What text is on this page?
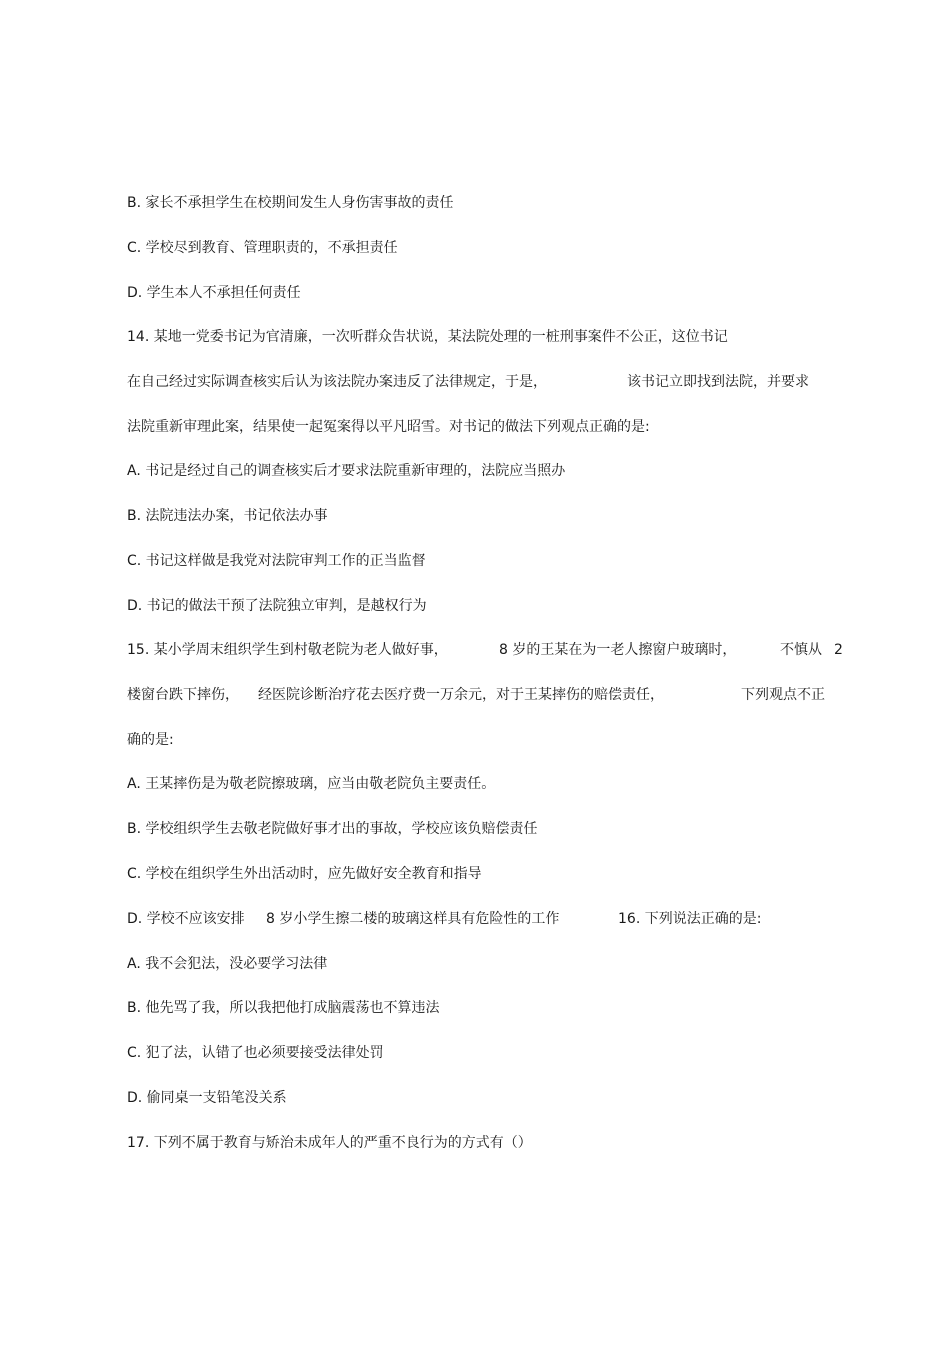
B. 家长不承担学生在校期间发生人身伤害事故的责任
C. 学校尽到教育、管理职责的，不承担责任
D. 学生本人不承担任何责任
14. 某地一党委书记为官清廉，一次听群众告状说，某法院处理的一桩刑事案件不公正，这位书记
在自己经过实际调查核实后认为该法院办案违反了法律规定，于是，	该书记立即找到法院，并要求
法院重新审理此案，结果使一起冤案得以平凡昭雪。对书记的做法下列观点正确的是:
A. 书记是经过自己的调查核实后才要求法院重新审理的，法院应当照办
B. 法院违法办案，书记依法办事
C. 书记这样做是我党对法院审判工作的正当监督
D. 书记的做法干预了法院独立审判，是越权行为
15. 某小学周末组织学生到村敬老院为老人做好事，	8 岁的王某在为一老人擦窗户玻璃时，	不慎从 2
楼窗台跌下摔伤， 经医院诊断治疗花去医疗费一万余元，对于王某摔伤的赔偿责任，	下列观点不正
确的是:
A. 王某摔伤是为敬老院擦玻璃，应当由敬老院负主要责任。
B. 学校组织学生去敬老院做好事才出的事故，学校应该负赔偿责任
C. 学校在组织学生外出活动时，应先做好安全教育和指导
D. 学校不应该安排 8 岁小学生擦二楼的玻璃这样具有危险性的工作	16. 下列说法正确的是:
A. 我不会犯法，没必要学习法律
B. 他先骂了我，所以我把他打成脑震荡也不算违法
C. 犯了法，认错了也必须要接受法律处罚
D. 偷同桌一支铅笔没关系
17. 下列不属于教育与矫治未成年人的严重不良行为的方式有（）
